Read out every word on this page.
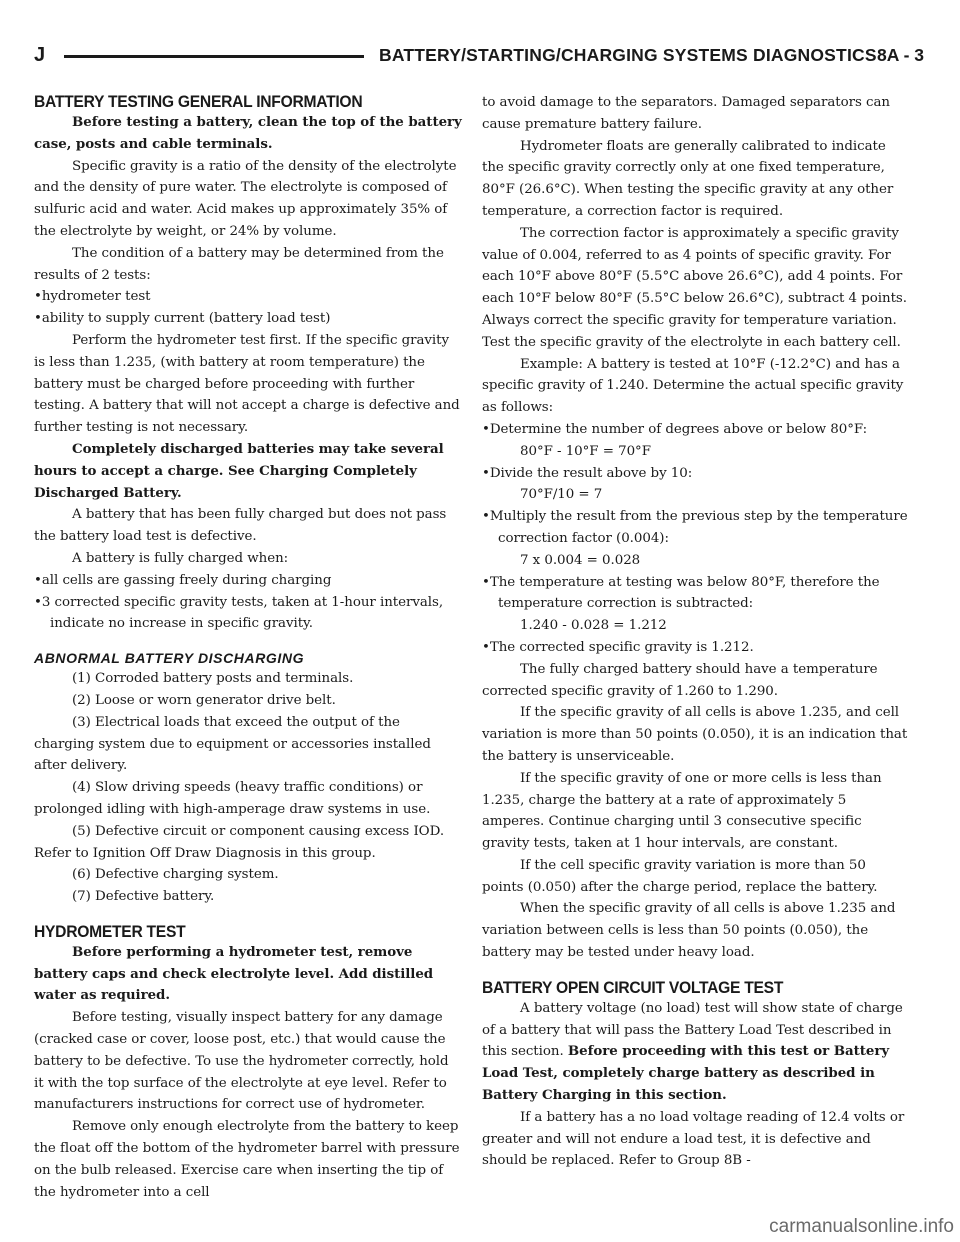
J	BATTERY/STARTING/CHARGING SYSTEMS DIAGNOSTICS 8A - 3
BATTERY TESTING GENERAL INFORMATION

Before testing a battery, clean the top of the battery case, posts and cable terminals.

Specific gravity is a ratio of the density of the electrolyte and the density of pure water. The electrolyte is composed of sulfuric acid and water. Acid makes up approximately 35% of the electrolyte by weight, or 24% by volume.

The condition of a battery may be determined from the results of 2 tests:

•hydrometer test

•ability to supply current (battery load test)

Perform the hydrometer test first. If the specific gravity is less than 1.235, (with battery at room temperature) the battery must be charged before proceeding with further testing. A battery that will not accept a charge is defective and further testing is not necessary.

Completely discharged batteries may take several hours to accept a charge. See Charging Completely Discharged Battery.

A battery that has been fully charged but does not pass the battery load test is defective.

A battery is fully charged when:

•all cells are gassing freely during charging

•3 corrected specific gravity tests, taken at 1-hour intervals, indicate no increase in specific gravity.

ABNORMAL BATTERY DISCHARGING

(1) Corroded battery posts and terminals.

(2) Loose or worn generator drive belt.

(3) Electrical loads that exceed the output of the charging system due to equipment or accessories installed after delivery.

(4) Slow driving speeds (heavy traffic conditions) or prolonged idling with high-amperage draw systems in use.

(5) Defective circuit or component causing excess IOD. Refer to Ignition Off Draw Diagnosis in this group.

(6) Defective charging system.

(7) Defective battery.

HYDROMETER TEST

Before performing a hydrometer test, remove battery caps and check electrolyte level. Add distilled water as required.

Before testing, visually inspect battery for any damage (cracked case or cover, loose post, etc.) that would cause the battery to be defective. To use the hydrometer correctly, hold it with the top surface of the electrolyte at eye level. Refer to manufacturers instructions for correct use of hydrometer.

Remove only enough electrolyte from the battery to keep the float off the bottom of the hydrometer barrel with pressure on the bulb released. Exercise care when inserting the tip of the hydrometer into a cell

to avoid damage to the separators. Damaged separators can cause premature battery failure.

Hydrometer floats are generally calibrated to indicate the specific gravity correctly only at one fixed temperature, 80°F (26.6°C). When testing the specific gravity at any other temperature, a correction factor is required.

The correction factor is approximately a specific gravity value of 0.004, referred to as 4 points of specific gravity. For each 10°F above 80°F (5.5°C above 26.6°C), add 4 points. For each 10°F below 80°F (5.5°C below 26.6°C), subtract 4 points. Always correct the specific gravity for temperature variation. Test the specific gravity of the electrolyte in each battery cell.

Example: A battery is tested at 10°F (-12.2°C) and has a specific gravity of 1.240. Determine the actual specific gravity as follows:

•Determine the number of degrees above or below 80°F:

80°F - 10°F = 70°F

•Divide the result above by 10:

70°F/10 = 7

•Multiply the result from the previous step by the temperature correction factor (0.004):

7 x 0.004 = 0.028

•The temperature at testing was below 80°F, therefore the temperature correction is subtracted:

1.240 - 0.028 = 1.212

•The corrected specific gravity is 1.212.

The fully charged battery should have a temperature corrected specific gravity of 1.260 to 1.290.

If the specific gravity of all cells is above 1.235, and cell variation is more than 50 points (0.050), it is an indication that the battery is unserviceable.

If the specific gravity of one or more cells is less than 1.235, charge the battery at a rate of approximately 5 amperes. Continue charging until 3 consecutive specific gravity tests, taken at 1 hour intervals, are constant.

If the cell specific gravity variation is more than 50 points (0.050) after the charge period, replace the battery.

When the specific gravity of all cells is above 1.235 and variation between cells is less than 50 points (0.050), the battery may be tested under heavy load.

BATTERY OPEN CIRCUIT VOLTAGE TEST

A battery voltage (no load) test will show state of charge of a battery that will pass the Battery Load Test described in this section. Before proceeding with this test or Battery Load Test, completely charge battery as described in Battery Charging in this section.

If a battery has a no load voltage reading of 12.4 volts or greater and will not endure a load test, it is defective and should be replaced. Refer to Group 8B -

carmanualsonline.info
